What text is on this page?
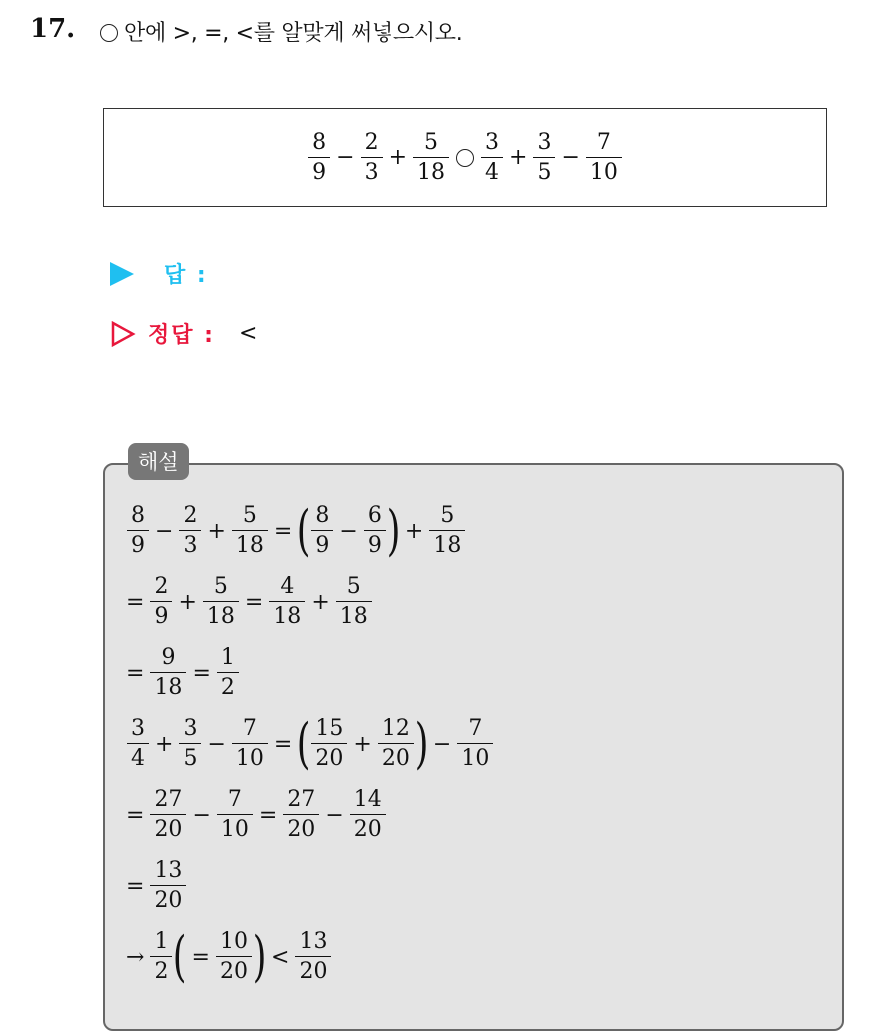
17.	안에 >, =, <를 알맞게 써넣으시오.
$\frac{8}{9} - \frac{2}{3} + \frac{5}{18} \frac{3}{4} + \frac{3}{5} - \frac{7}{10}$
답 :
정답 : <
해설
$\frac{8}{9} - \frac{2}{3} + \frac{5}{18}$ = ( $\frac{8}{9} - \frac{6}{9}$ ) + $\frac{5}{18}$
= $\frac{2}{9} + \frac{5}{18} = \frac{4}{18} + \frac{5}{18}$
= $\frac{9}{18} = \frac{1}{2}$
$\frac{3}{4} + \frac{3}{5} - \frac{7}{10}$ = ( $\frac{15}{20} + \frac{12}{20}$ ) − $\frac{7}{10}$
= $\frac{27}{20} - \frac{7}{10} = \frac{27}{20} - \frac{14}{20}$
= $\frac{13}{20}$
→ $\frac{1}{2}$ ( = $\frac{10}{20}$ ) < $\frac{13}{20}$
